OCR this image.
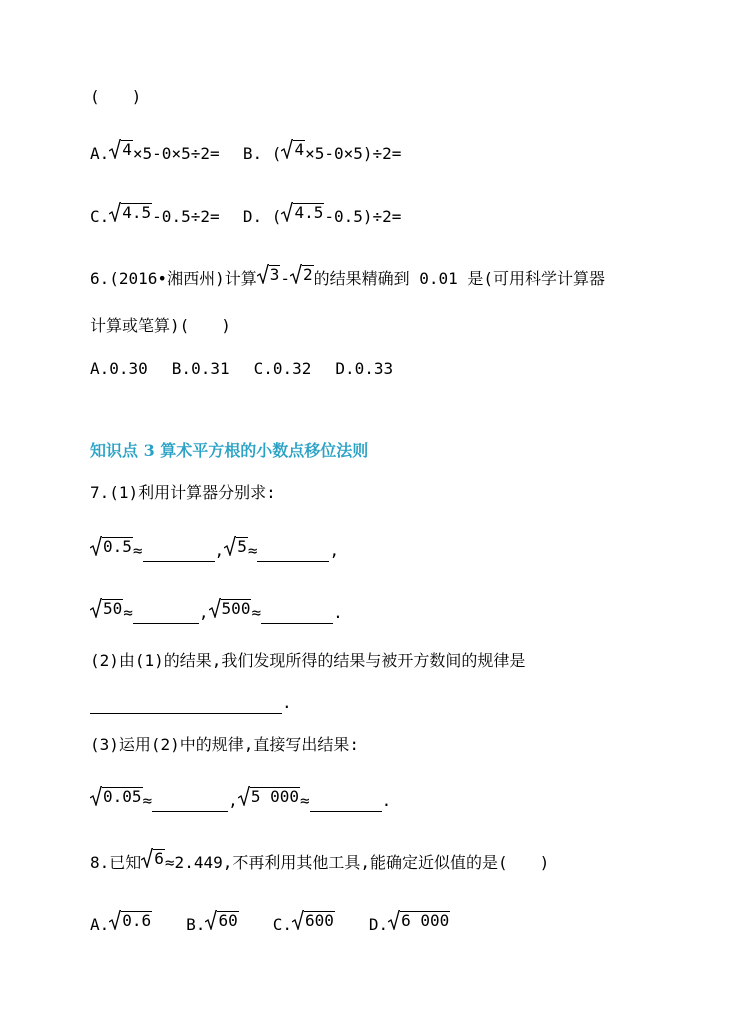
(　　)
A. 4 ×5-0×5÷2= B. ( 4 ×5-0×5)÷2=
C. 4.5 -0.5÷2= D. ( 4.5 -0.5)÷2=
6.(2016•湘西州)计算 3 - 2 的结果精确到 0.01 是(可用科学计算器
计算或笔算)(　　)
A.0.30 B.0.31 C.0.32 D.0.33
知识点 3 算术平方根的小数点移位法则
7.(1)利用计算器分别求:
0.5 ≈	, 5 ≈	,
50 ≈	, 500 ≈	.
(2)由(1)的结果,我们发现所得的结果与被开方数间的规律是
.
(3)运用(2)中的规律,直接写出结果:
0.05 ≈	, 5 000 ≈	.
8.已知 6 ≈2.449,不再利用其他工具,能确定近似值的是(　　)
A. 0.6 B. 60 C. 600 D. 6 000
